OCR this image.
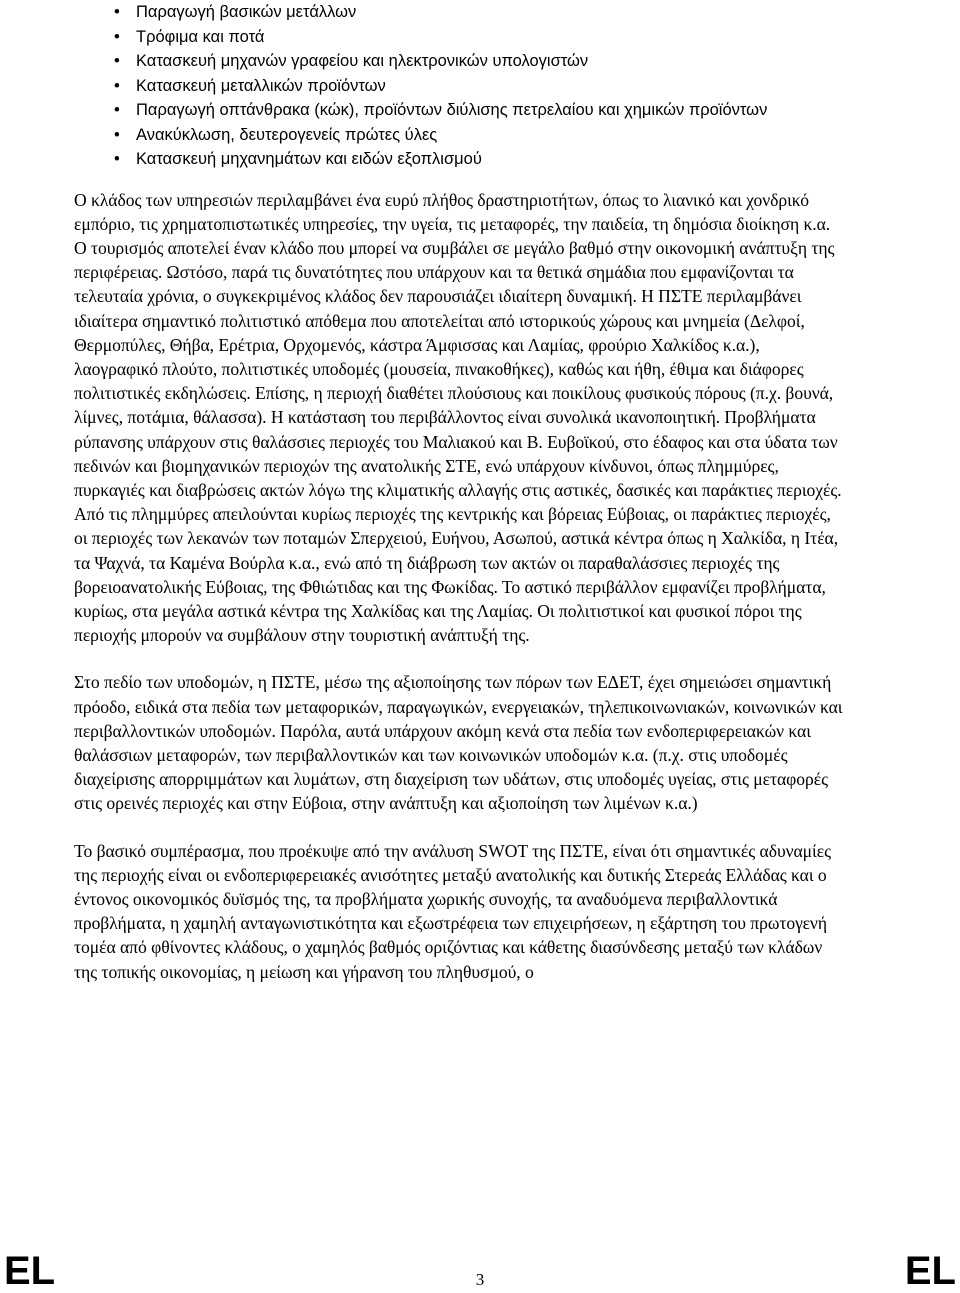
• Παραγωγή βασικών μετάλλων
• Τρόφιμα και ποτά
• Κατασκευή μηχανών γραφείου και ηλεκτρονικών υπολογιστών
• Κατασκευή μεταλλικών προϊόντων
• Παραγωγή οπτάνθρακα (κώκ), προϊόντων διύλισης πετρελαίου και χημικών προϊόντων
• Ανακύκλωση, δευτερογενείς πρώτες ύλες
• Κατασκευή μηχανημάτων και ειδών εξοπλισμού

Ο κλάδος των υπηρεσιών περιλαμβάνει ένα ευρύ πλήθος δραστηριοτήτων, όπως το λιανικό και χονδρικό εμπόριο, τις χρηματοπιστωτικές υπηρεσίες, την υγεία, τις μεταφορές, την παιδεία, τη δημόσια διοίκηση κ.α. Ο τουρισμός αποτελεί έναν κλάδο που μπορεί να συμβάλει σε μεγάλο βαθμό στην οικονομική ανάπτυξη της περιφέρειας. Ωστόσο, παρά τις δυνατότητες που υπάρχουν και τα θετικά σημάδια που εμφανίζονται τα τελευταία χρόνια, ο συγκεκριμένος κλάδος δεν παρουσιάζει ιδιαίτερη δυναμική. Η ΠΣΤΕ περιλαμβάνει ιδιαίτερα σημαντικό πολιτιστικό απόθεμα που αποτελείται από ιστορικούς χώρους και μνημεία (Δελφοί, Θερμοπύλες, Θήβα, Ερέτρια, Ορχομενός, κάστρα Άμφισσας και Λαμίας, φρούριο Χαλκίδος κ.α.), λαογραφικό πλούτο, πολιτιστικές υποδομές (μουσεία, πινακοθήκες), καθώς και ήθη, έθιμα και διάφορες πολιτιστικές εκδηλώσεις. Επίσης, η περιοχή διαθέτει πλούσιους και ποικίλους φυσικούς πόρους (π.χ. βουνά, λίμνες, ποτάμια, θάλασσα). Η κατάσταση του περιβάλλοντος είναι συνολικά ικανοποιητική. Προβλήματα ρύπανσης υπάρχουν στις θαλάσσιες περιοχές του Μαλιακού και Β. Ευβοϊκού, στο έδαφος και στα ύδατα των πεδινών και βιομηχανικών περιοχών της ανατολικής ΣΤΕ, ενώ υπάρχουν κίνδυνοι, όπως πλημμύρες, πυρκαγιές και διαβρώσεις ακτών λόγω της κλιματικής αλλαγής στις αστικές, δασικές και παράκτιες περιοχές. Από τις πλημμύρες απειλούνται κυρίως περιοχές της κεντρικής και βόρειας Εύβοιας, οι παράκτιες περιοχές, οι περιοχές των λεκανών των ποταμών Σπερχειού, Ευήνου, Ασωπού, αστικά κέντρα όπως η Χαλκίδα, η Ιτέα, τα Ψαχνά, τα Καμένα Βούρλα κ.α., ενώ από τη διάβρωση των ακτών οι παραθαλάσσιες περιοχές της βορειοανατολικής Εύβοιας, της Φθιώτιδας και της Φωκίδας. Το αστικό περιβάλλον εμφανίζει προβλήματα, κυρίως, στα μεγάλα αστικά κέντρα της Χαλκίδας και της Λαμίας. Οι πολιτιστικοί και φυσικοί πόροι της περιοχής μπορούν να συμβάλουν στην τουριστική ανάπτυξή της.

Στο πεδίο των υποδομών, η ΠΣΤΕ, μέσω της αξιοποίησης των πόρων των ΕΔΕΤ, έχει σημειώσει σημαντική πρόοδο, ειδικά στα πεδία των μεταφορικών, παραγωγικών, ενεργειακών, τηλεπικοινωνιακών, κοινωνικών και περιβαλλοντικών υποδομών. Παρόλα, αυτά υπάρχουν ακόμη κενά στα πεδία των ενδοπεριφερειακών και θαλάσσιων μεταφορών, των περιβαλλοντικών και των κοινωνικών υποδομών κ.α. (π.χ. στις υποδομές διαχείρισης απορριμμάτων και λυμάτων, στη διαχείριση των υδάτων, στις υποδομές υγείας, στις μεταφορές στις ορεινές περιοχές και στην Εύβοια, στην ανάπτυξη και αξιοποίηση των λιμένων κ.α.)

Το βασικό συμπέρασμα, που προέκυψε από την ανάλυση SWOT της ΠΣΤΕ, είναι ότι σημαντικές αδυναμίες της περιοχής είναι οι ενδοπεριφερειακές ανισότητες μεταξύ ανατολικής και δυτικής Στερεάς Ελλάδας και ο έντονος οικονομικός δυϊσμός της, τα προβλήματα χωρικής συνοχής, τα αναδυόμενα περιβαλλοντικά προβλήματα, η χαμηλή ανταγωνιστικότητα και εξωστρέφεια των επιχειρήσεων, η εξάρτηση του πρωτογενή τομέα από φθίνοντες κλάδους, ο χαμηλός βαθμός οριζόντιας και κάθετης διασύνδεσης μεταξύ των κλάδων της τοπικής οικονομίας, η μείωση και γήρανση του πληθυσμού, ο

EL	3	EL
